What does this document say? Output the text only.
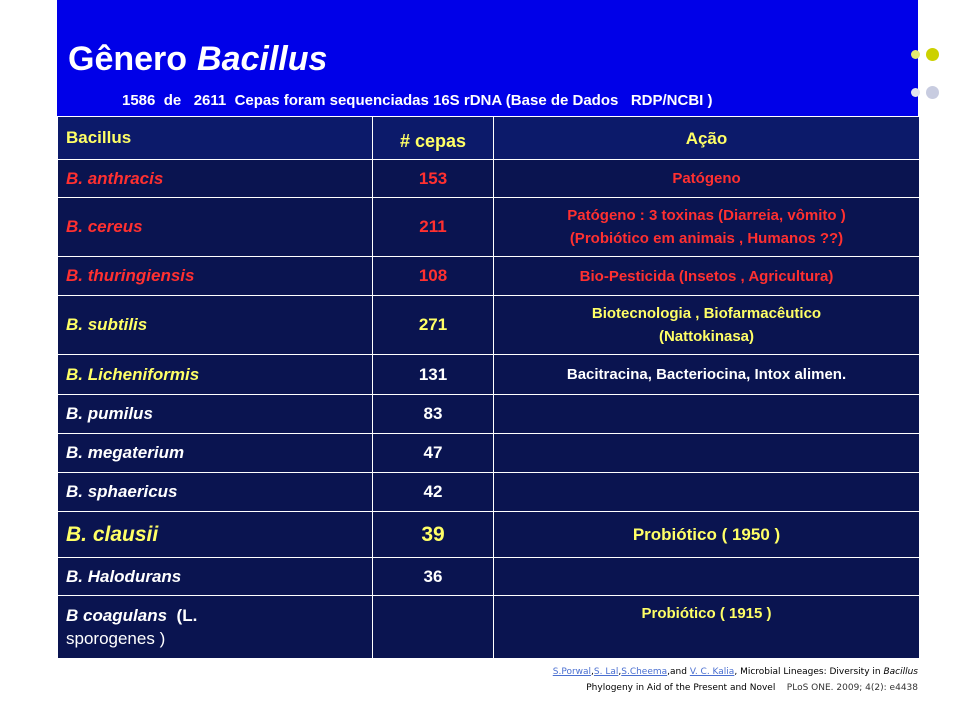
Gênero Bacillus
1586  de   2611  Cepas foram sequenciadas 16S rDNA (Base de Dados   RDP/NCBI )
Bacillus	# cepas	Ação
B. anthracis	153	Patógeno

B. cereus	211	Patógeno : 3 toxinas (Diarreia, vômito )
(Probiótico em animais , Humanos ??)

B. thuringiensis	108	Bio-Pesticida (Insetos , Agricultura)

B. subtilis	271	Biotecnologia , Biofarmacêutico
(Nattokinasa)

B. Licheniformis	131	Bacitracina, Bacteriocina, Intox alimen.

B. pumilus	83	
B. megaterium	47	
B. sphaericus	42	
B. clausii	39	Probiótico ( 1950 )

B. Halodurans	36	
B coagulans (L.
sporogenes )		Probiótico ( 1915 )
S.Porwal,S. Lal,S.Cheema,and V. C. Kalia, Microbial Lineages: Diversity in Bacillus
Phylogeny in Aid of the Present and Novel PLoS ONE. 2009; 4(2): e4438
